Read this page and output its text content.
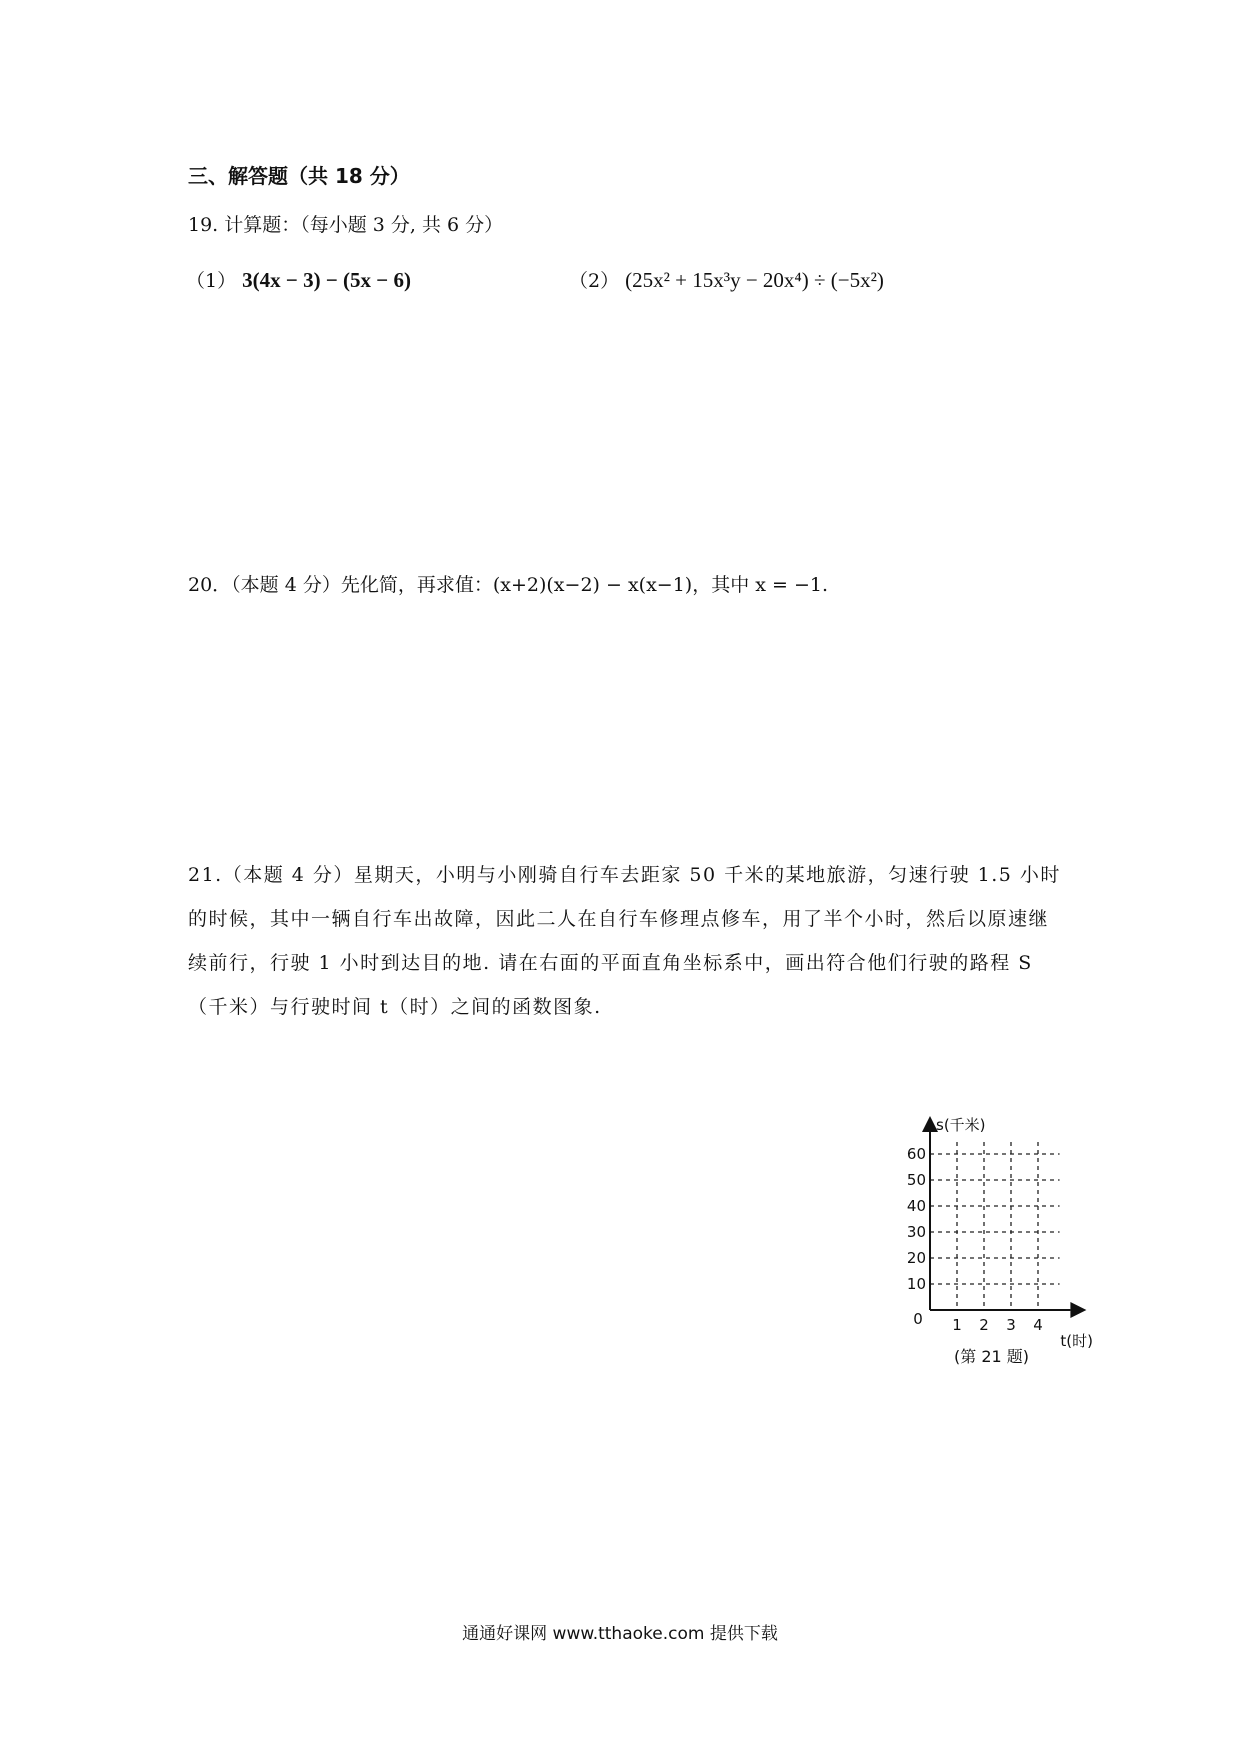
三、解答题（共 18 分）
19. 计算题：（每小题 3 分, 共 6 分）
（1） 3(4x − 3) − (5x − 6)	（2） (25x² + 15x³y − 20x⁴) ÷ (−5x²)
20．（本题 4 分）先化简，再求值：(x+2)(x−2) − x(x−1)，其中 x = −1.
21.（本题 4 分）星期天，小明与小刚骑自行车去距家 50 千米的某地旅游，匀速行驶 1.5 小时的时候，其中一辆自行车出故障，因此二人在自行车修理点修车，用了半个小时，然后以原速继续前行，行驶 1 小时到达目的地. 请在右面的平面直角坐标系中，画出符合他们行驶的路程 S（千米）与行驶时间 t（时）之间的函数图象.
10
20
30
40
50
60
1 2 3 4
0
s(千米)
t(时)
(第 21 题)
通通好课网 www.tthaoke.com 提供下载
